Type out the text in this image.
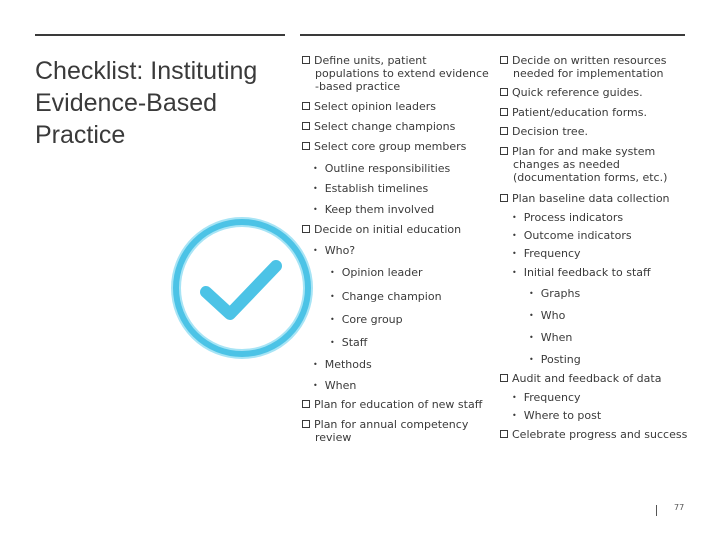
Checklist: Instituting Evidence-Based Practice
Define units, patient
populations to extend evidence
-based practice
Select opinion leaders
Select change champions
Select core group members
• Outline responsibilities
• Establish timelines
• Keep them involved
Decide on initial education
• Who?
• Opinion leader
• Change champion
• Core group
• Staff
• Methods
• When
Plan for education of new staff
Plan for annual competency
review
Decide on written resources
needed for implementation
Quick reference guides.
Patient/education forms.
Decision tree.
Plan for and make system
changes as needed
(documentation forms, etc.)
Plan baseline data collection
• Process indicators
• Outcome indicators
• Frequency
• Initial feedback to staff
• Graphs
• Who
• When
• Posting
Audit and feedback of data
• Frequency
• Where to post
Celebrate progress and success
77
